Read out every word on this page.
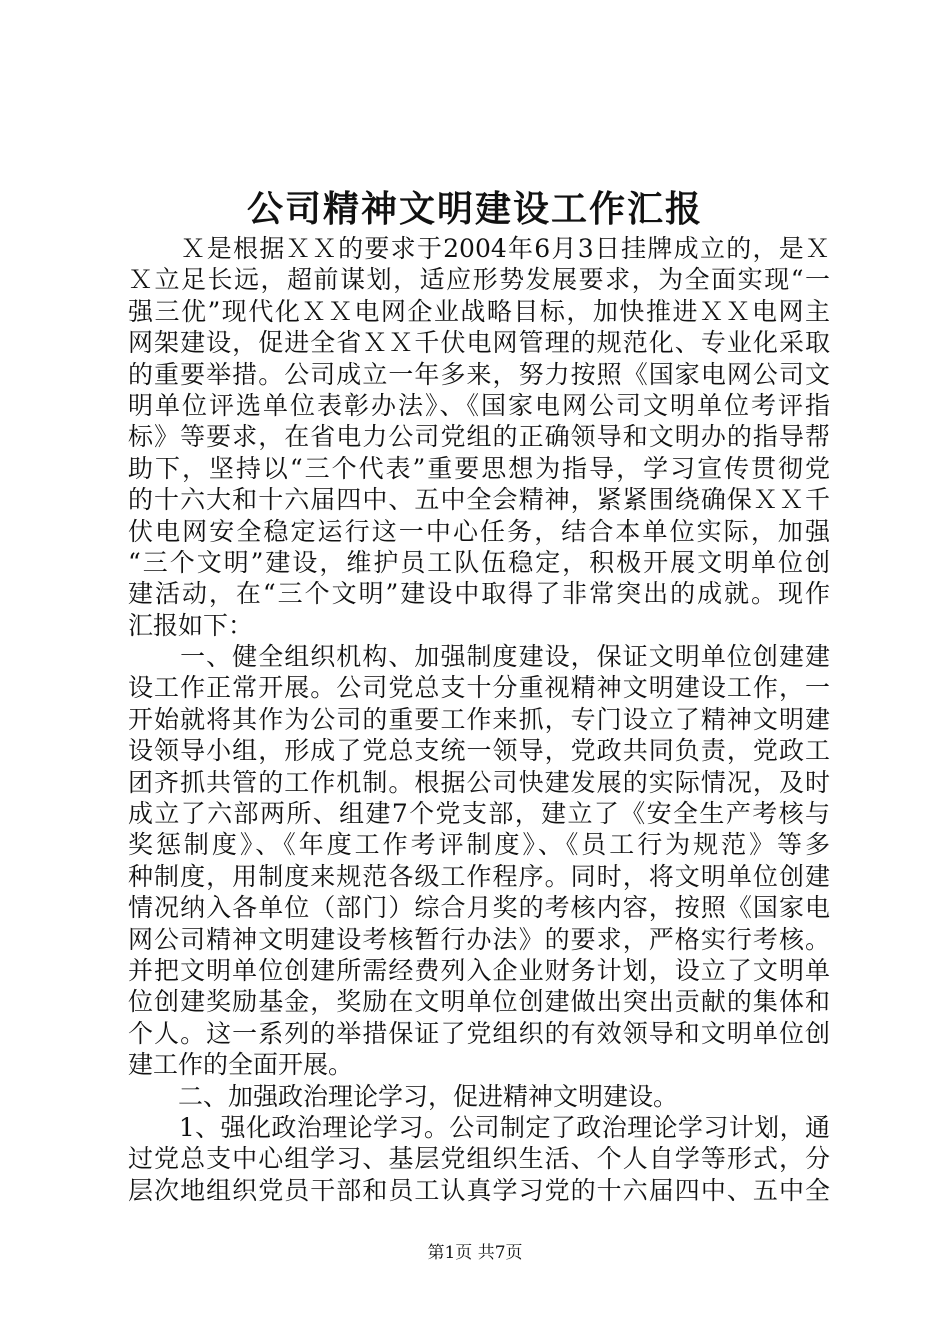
公司精神文明建设工作汇报
　　Ｘ是根据ＸＸ的要求于2004年6月3日挂牌成立的，是Ｘ
Ｘ立足长远，超前谋划，适应形势发展要求，为全面实现“一
强三优”现代化ＸＸ电网企业战略目标，加快推进ＸＸ电网主
网架建设，促进全省ＸＸ千伏电网管理的规范化、专业化采取
的重要举措。公司成立一年多来，努力按照《国家电网公司文
明单位评选单位表彰办法》、《国家电网公司文明单位考评指
标》等要求，在省电力公司党组的正确领导和文明办的指导帮
助下，坚持以“三个代表”重要思想为指导，学习宣传贯彻党
的十六大和十六届四中、五中全会精神，紧紧围绕确保ＸＸ千
伏电网安全稳定运行这一中心任务，结合本单位实际，加强
“三个文明”建设，维护员工队伍稳定，积极开展文明单位创
建活动，在“三个文明”建设中取得了非常突出的成就。现作
汇报如下：
　　一、健全组织机构、加强制度建设，保证文明单位创建建
设工作正常开展。公司党总支十分重视精神文明建设工作，一
开始就将其作为公司的重要工作来抓，专门设立了精神文明建
设领导小组，形成了党总支统一领导，党政共同负责，党政工
团齐抓共管的工作机制。根据公司快建发展的实际情况，及时
成立了六部两所、组建7个党支部，建立了《安全生产考核与
奖惩制度》、《年度工作考评制度》、《员工行为规范》等多
种制度，用制度来规范各级工作程序。同时，将文明单位创建
情况纳入各单位（部门）综合月奖的考核内容，按照《国家电
网公司精神文明建设考核暂行办法》的要求，严格实行考核。
并把文明单位创建所需经费列入企业财务计划，设立了文明单
位创建奖励基金，奖励在文明单位创建做出突出贡献的集体和
个人。这一系列的举措保证了党组织的有效领导和文明单位创
建工作的全面开展。
　　二、加强政治理论学习，促进精神文明建设。
　　1、强化政治理论学习。公司制定了政治理论学习计划，通
过党总支中心组学习、基层党组织生活、个人自学等形式，分
层次地组织党员干部和员工认真学习党的十六届四中、五中全
第1页 共7页
